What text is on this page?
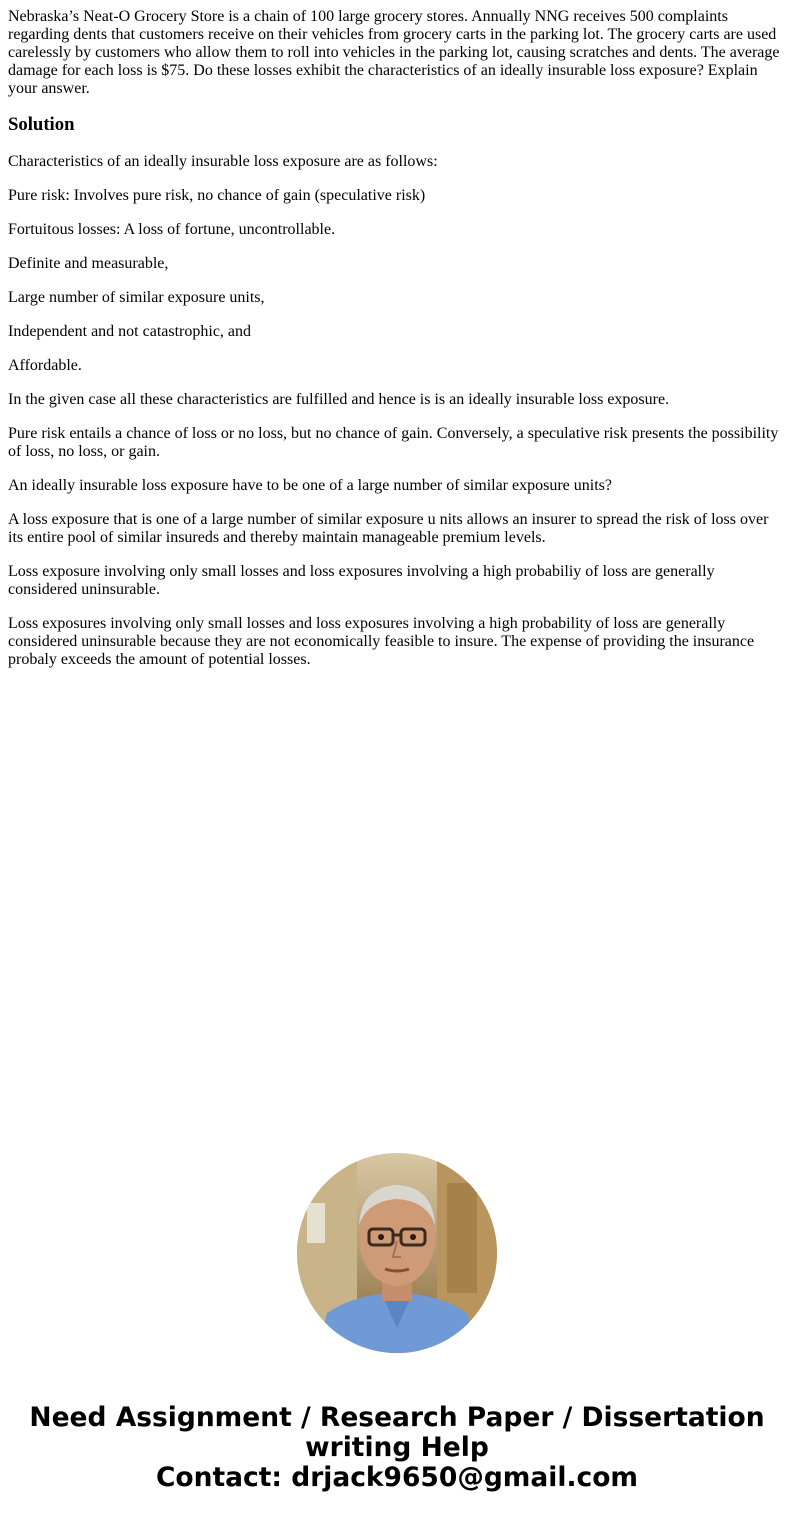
Nebraska’s Neat-O Grocery Store is a chain of 100 large grocery stores. Annually NNG receives 500 complaints regarding dents that customers receive on their vehicles from grocery carts in the parking lot. The grocery carts are used carelessly by customers who allow them to roll into vehicles in the parking lot, causing scratches and dents. The average damage for each loss is $75. Do these losses exhibit the characteristics of an ideally insurable loss exposure? Explain your answer.

Solution

Characteristics of an ideally insurable loss exposure are as follows:

Pure risk: Involves pure risk, no chance of gain (speculative risk)

Fortuitous losses: A loss of fortune, uncontrollable.

Definite and measurable,

Large number of similar exposure units,

Independent and not catastrophic, and

Affordable.

In the given case all these characteristics are fulfilled and hence is is an ideally insurable loss exposure.

Pure risk entails a chance of loss or no loss, but no chance of gain. Conversely, a speculative risk presents the possibility of loss, no loss, or gain.

An ideally insurable loss exposure have to be one of a large number of similar exposure units?

A loss exposure that is one of a large number of similar exposure u nits allows an insurer to spread the risk of loss over its entire pool of similar insureds and thereby maintain manageable premium levels.

Loss exposure involving only small losses and loss exposures involving a high probabiliy of loss are generally considered uninsurable.

Loss exposures involving only small losses and loss exposures involving a high probability of loss are generally considered uninsurable because they are not economically feasible to insure. The expense of providing the insurance probaly exceeds the amount of potential losses.

Need Assignment / Research Paper / Dissertation
writing Help
Contact: drjack9650@gmail.com
